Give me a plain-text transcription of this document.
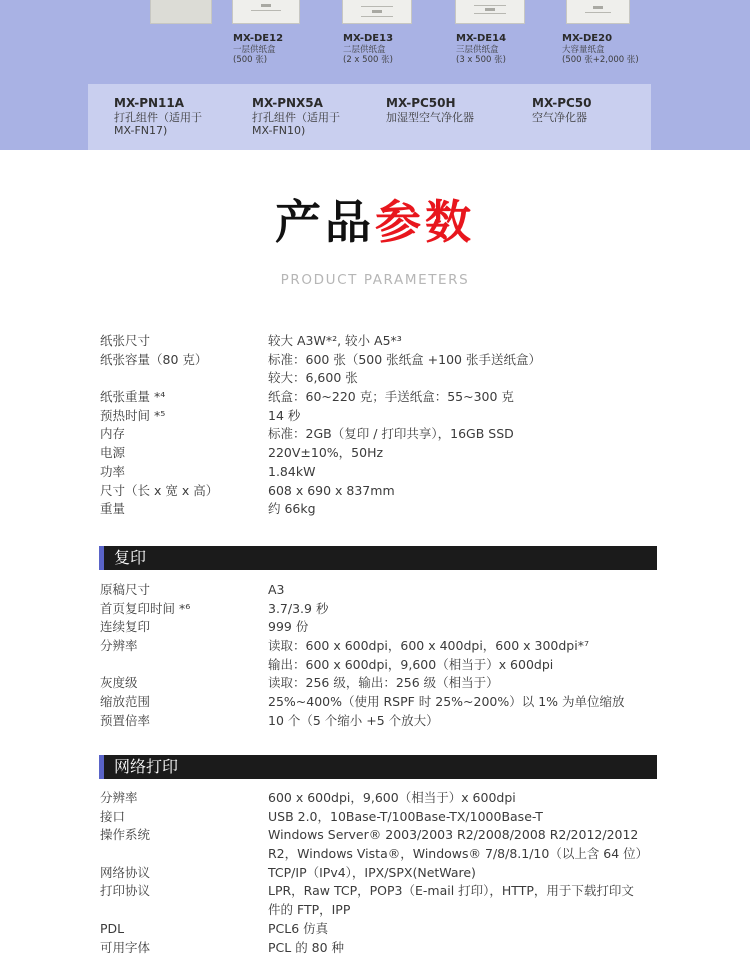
MX-DE12
一层供纸盒
(500 张)
MX-DE13
二层供纸盒
(2 x 500 张)
MX-DE14
三层供纸盒
(3 x 500 张)
MX-DE20
大容量纸盒
(500 张+2,000 张)
MX-PN11A
打孔组件（适用于
MX-FN17)
MX-PNX5A
打孔组件（适用于
MX-FN10)
MX-PC50H
加湿型空气净化器
MX-PC50
空气净化器
产品参数
PRODUCT PARAMETERS
纸张尺寸	较大 A3W*², 较小 A5*³
纸张容量（80 克）	标准：600 张（500 张纸盒 +100 张手送纸盒）
较大：6,600 张
纸张重量 *⁴	纸盒：60~220 克；手送纸盒：55~300 克
预热时间 *⁵	14 秒
内存	标准：2GB（复印 / 打印共享），16GB SSD
电源	220V±10%，50Hz
功率	1.84kW
尺寸（长 x 宽 x 高）	608 x 690 x 837mm
重量	约 66kg
复印
原稿尺寸	A3
首页复印时间 *⁶	3.7/3.9 秒
连续复印	999 份
分辨率	读取：600 x 600dpi，600 x 400dpi，600 x 300dpi*⁷
输出：600 x 600dpi，9,600（相当于）x 600dpi
灰度级	读取：256 级，输出：256 级（相当于）
缩放范围	25%~400%（使用 RSPF 时 25%~200%）以 1% 为单位缩放
预置倍率	10 个（5 个缩小 +5 个放大）
网络打印
分辨率	600 x 600dpi，9,600（相当于）x 600dpi
接口	USB 2.0，10Base-T/100Base-TX/1000Base-T
操作系统	Windows Server® 2003/2003 R2/2008/2008 R2/2012/2012
R2，Windows Vista®，Windows® 7/8/8.1/10（以上含 64 位）
网络协议	TCP/IP（IPv4），IPX/SPX(NetWare)
打印协议	LPR，Raw TCP，POP3（E-mail 打印），HTTP，用于下载打印文
件的 FTP，IPP
PDL	PCL6 仿真
可用字体	PCL 的 80 种
